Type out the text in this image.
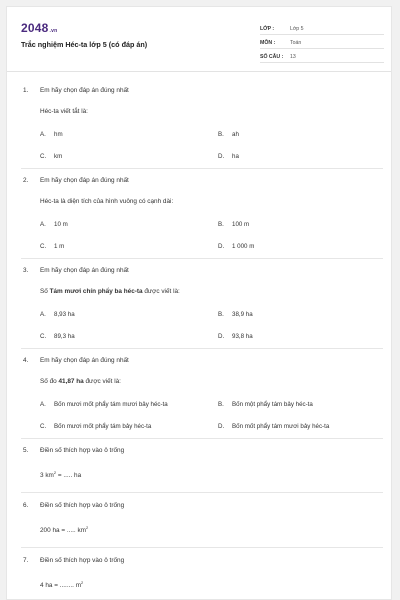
2048.vn
Trắc nghiệm Héc-ta lớp 5 (có đáp án)
LỚP :	Lớp 5
MÔN :	Toán
SỐ CÂU :	13
1. Em hãy chọn đáp án đúng nhất
Héc-ta viết tắt là:
A. hm	B. ah
C. km	D. ha
2. Em hãy chọn đáp án đúng nhất
Héc-ta là diện tích của hình vuông có cạnh dài:
A. 10 m	B. 100 m
C. 1 m	D. 1 000 m
3. Em hãy chọn đáp án đúng nhất
Số Tám mươi chín phẩy ba héc-ta được viết là:
A. 8,93 ha	B. 38,9 ha
C. 89,3 ha	D. 93,8 ha
4. Em hãy chọn đáp án đúng nhất
Số đo 41,87 ha được viết là:
A. Bốn mươi mốt phẩy tám mươi bảy héc-ta	B. Bốn một phẩy tám bảy héc-ta
C. Bốn mươi mốt phẩy tám bảy héc-ta	D. Bốn mốt phẩy tám mươi bảy héc-ta
5. Điền số thích hợp vào ô trống
3 $km^2$ = ..... ha
6. Điền số thích hợp vào ô trống
200 ha = ..... $km^2$
7. Điền số thích hợp vào ô trống
4 ha = ........ $m^2$
